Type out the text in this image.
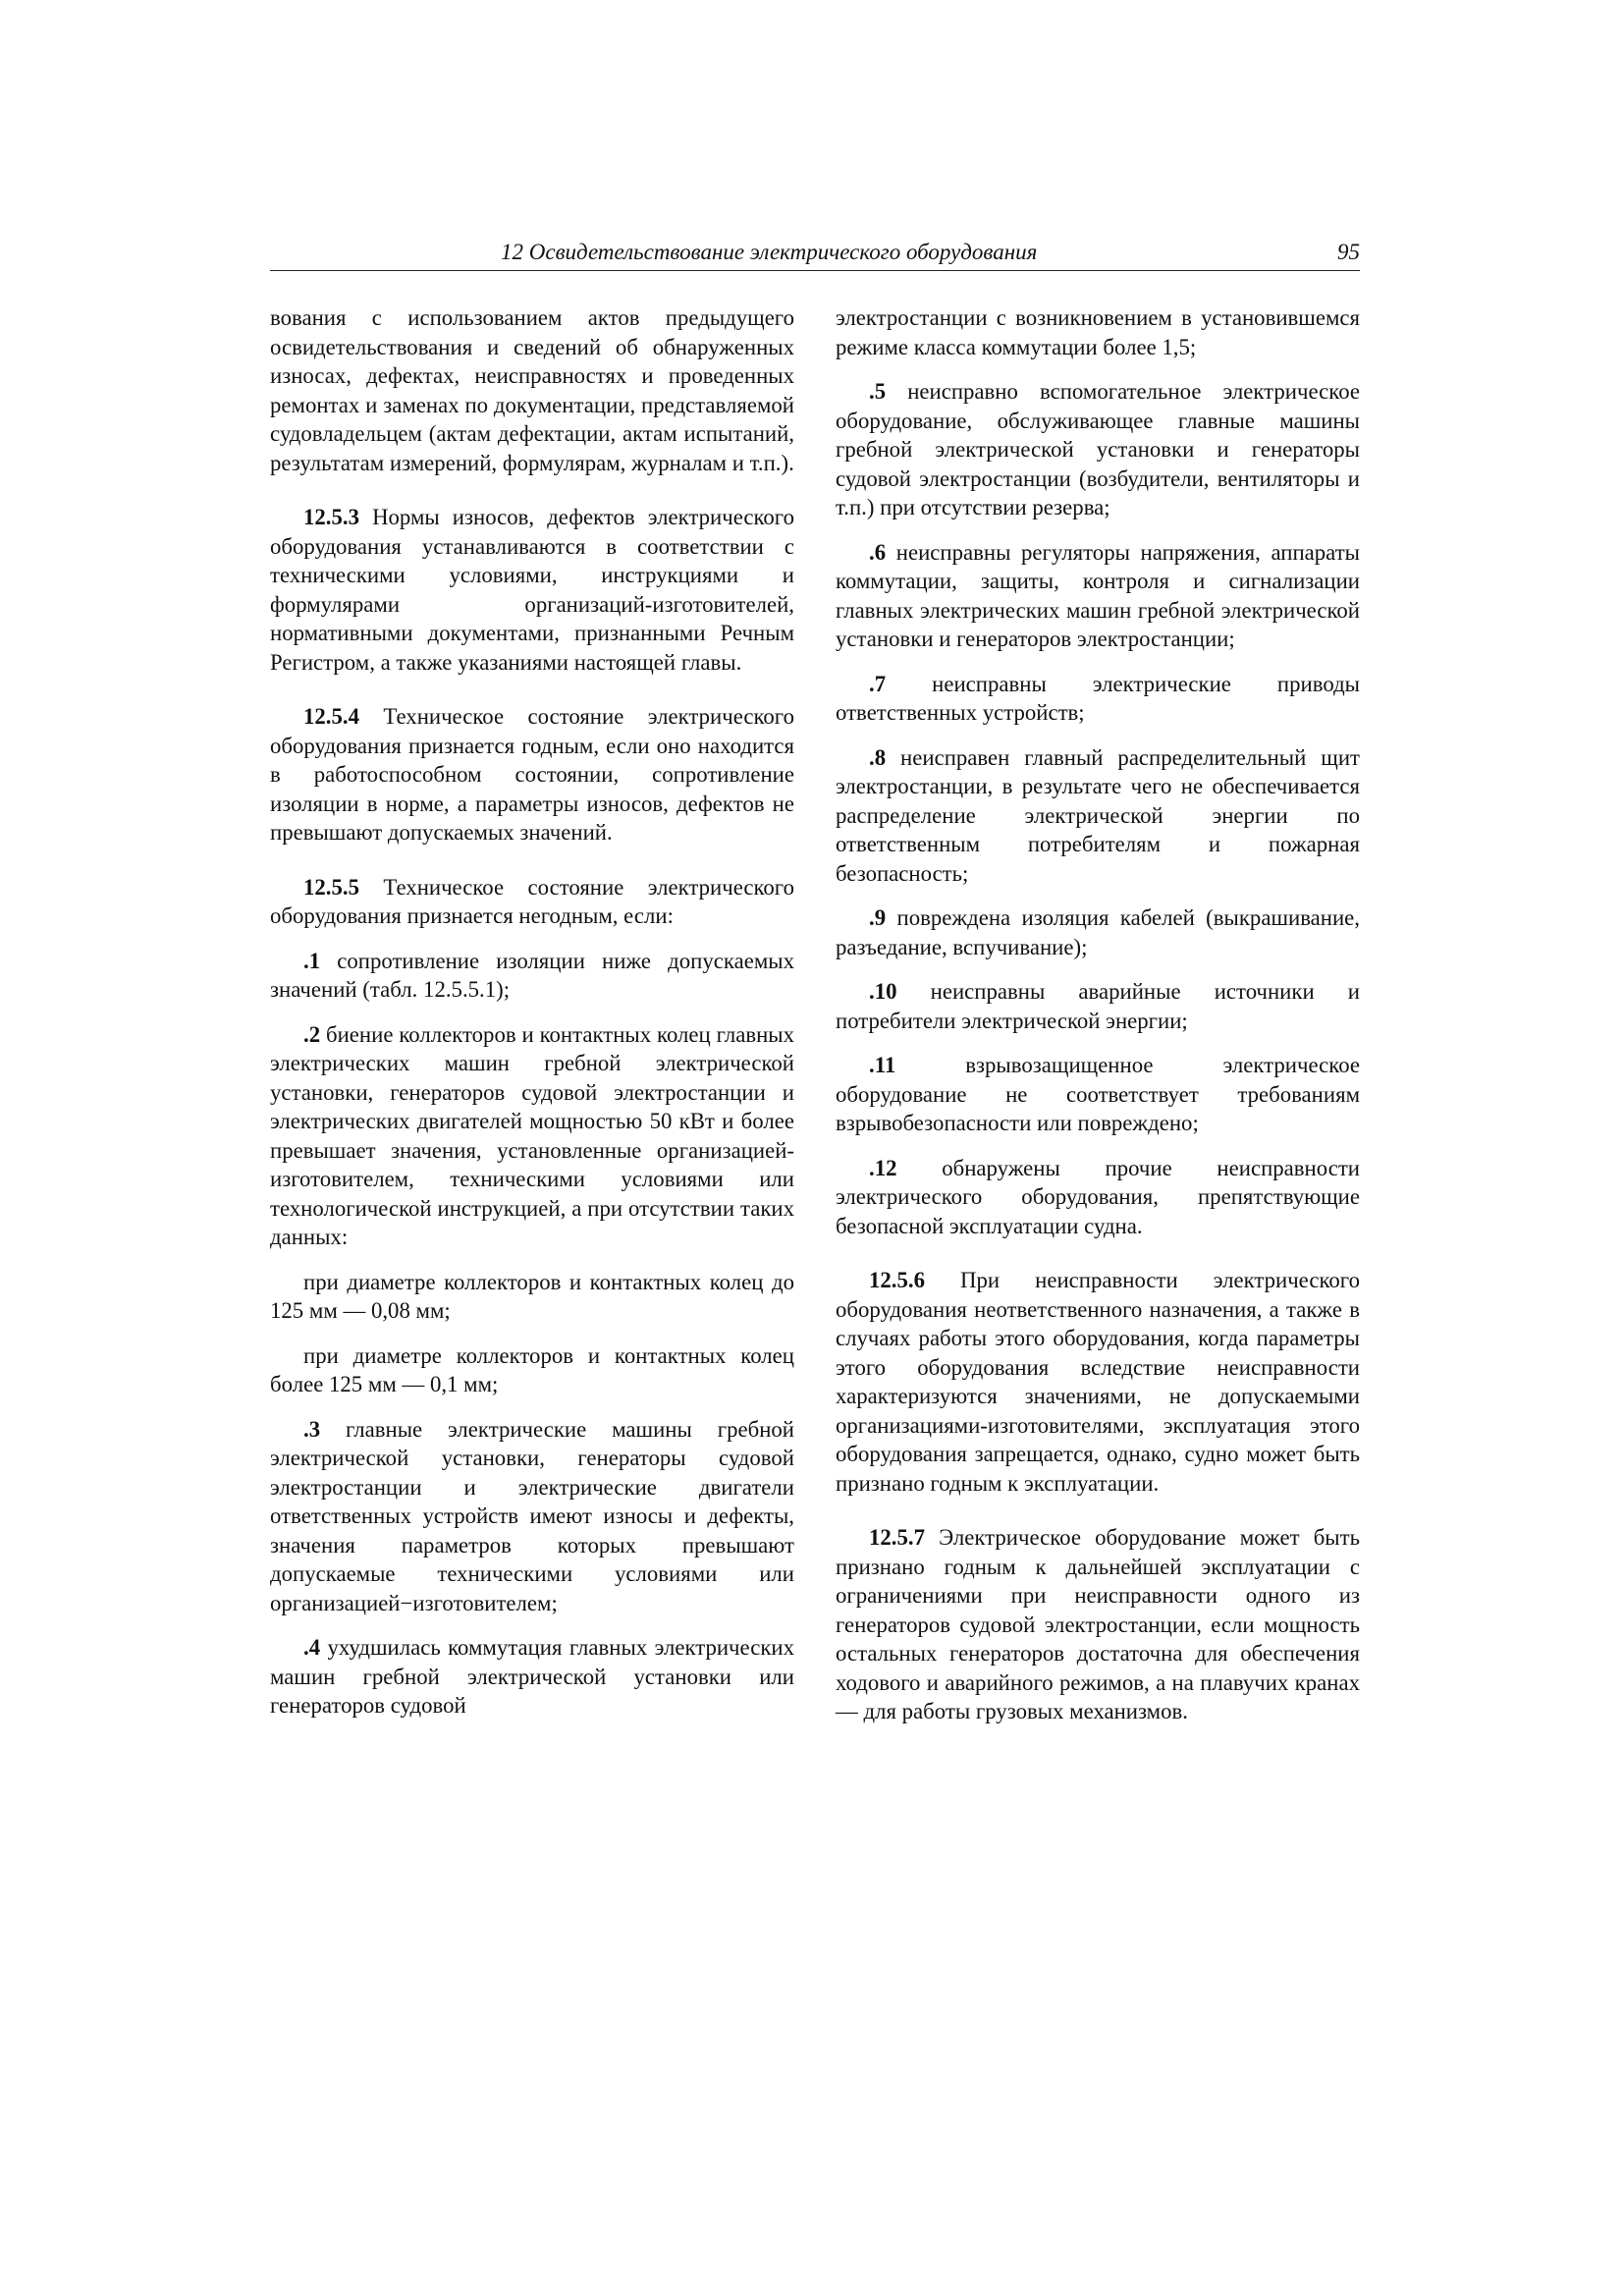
12 Освидетельствование электрического оборудования	95

вования с использованием актов предыдущего освидетельствования и сведений об обнаруженных износах, дефектах, неисправностях и проведенных ремонтах и заменах по документации, представляемой судовладельцем (актам дефектации, актам испытаний, результатам измерений, формулярам, журналам и т.п.).

12.5.3 Нормы износов, дефектов электрического оборудования устанавливаются в соответствии с техническими условиями, инструкциями и формулярами организаций-изготовителей, нормативными документами, признанными Речным Регистром, а также указаниями настоящей главы.

12.5.4 Техническое состояние электрического оборудования признается годным, если оно находится в работоспособном состоянии, сопротивление изоляции в норме, а параметры износов, дефектов не превышают допускаемых значений.

12.5.5 Техническое состояние электрического оборудования признается негодным, если:

.1 сопротивление изоляции ниже допускаемых значений (табл. 12.5.5.1);

.2 биение коллекторов и контактных колец главных электрических машин гребной электрической установки, генераторов судовой электростанции и электрических двигателей мощностью 50 кВт и более превышает значения, установленные организацией-изготовителем, техническими условиями или технологической инструкцией, а при отсутствии таких данных:

при диаметре коллекторов и контактных колец до 125 мм — 0,08 мм;

при диаметре коллекторов и контактных колец более 125 мм — 0,1 мм;

.3 главные электрические машины гребной электрической установки, генераторы судовой электростанции и электрические двигатели ответственных устройств имеют износы и дефекты, значения параметров которых превышают допускаемые техническими условиями или организацией−изготовителем;

.4 ухудшилась коммутация главных электрических машин гребной электрической установки или генераторов судовой

электростанции с возникновением в установившемся режиме класса коммутации более 1,5;

.5 неисправно вспомогательное электрическое оборудование, обслуживающее главные машины гребной электрической установки и генераторы судовой электростанции (возбудители, вентиляторы и т.п.) при отсутствии резерва;

.6 неисправны регуляторы напряжения, аппараты коммутации, защиты, контроля и сигнализации главных электрических машин гребной электрической установки и генераторов электростанции;

.7 неисправны электрические приводы ответственных устройств;

.8 неисправен главный распределительный щит электростанции, в результате чего не обеспечивается распределение электрической энергии по ответственным потребителям и пожарная безопасность;

.9 повреждена изоляция кабелей (выкрашивание, разъедание, вспучивание);

.10 неисправны аварийные источники и потребители электрической энергии;

.11 взрывозащищенное электрическое оборудование не соответствует требованиям взрывобезопасности или повреждено;

.12 обнаружены прочие неисправности электрического оборудования, препятствующие безопасной эксплуатации судна.

12.5.6 При неисправности электрического оборудования неответственного назначения, а также в случаях работы этого оборудования, когда параметры этого оборудования вследствие неисправности характеризуются значениями, не допускаемыми организациями-изготовителями, эксплуатация этого оборудования запрещается, однако, судно может быть признано годным к эксплуатации.

12.5.7 Электрическое оборудование может быть признано годным к дальнейшей эксплуатации с ограничениями при неисправности одного из генераторов судовой электростанции, если мощность остальных генераторов достаточна для обеспечения ходового и аварийного режимов, а на плавучих кранах — для работы грузовых механизмов.
